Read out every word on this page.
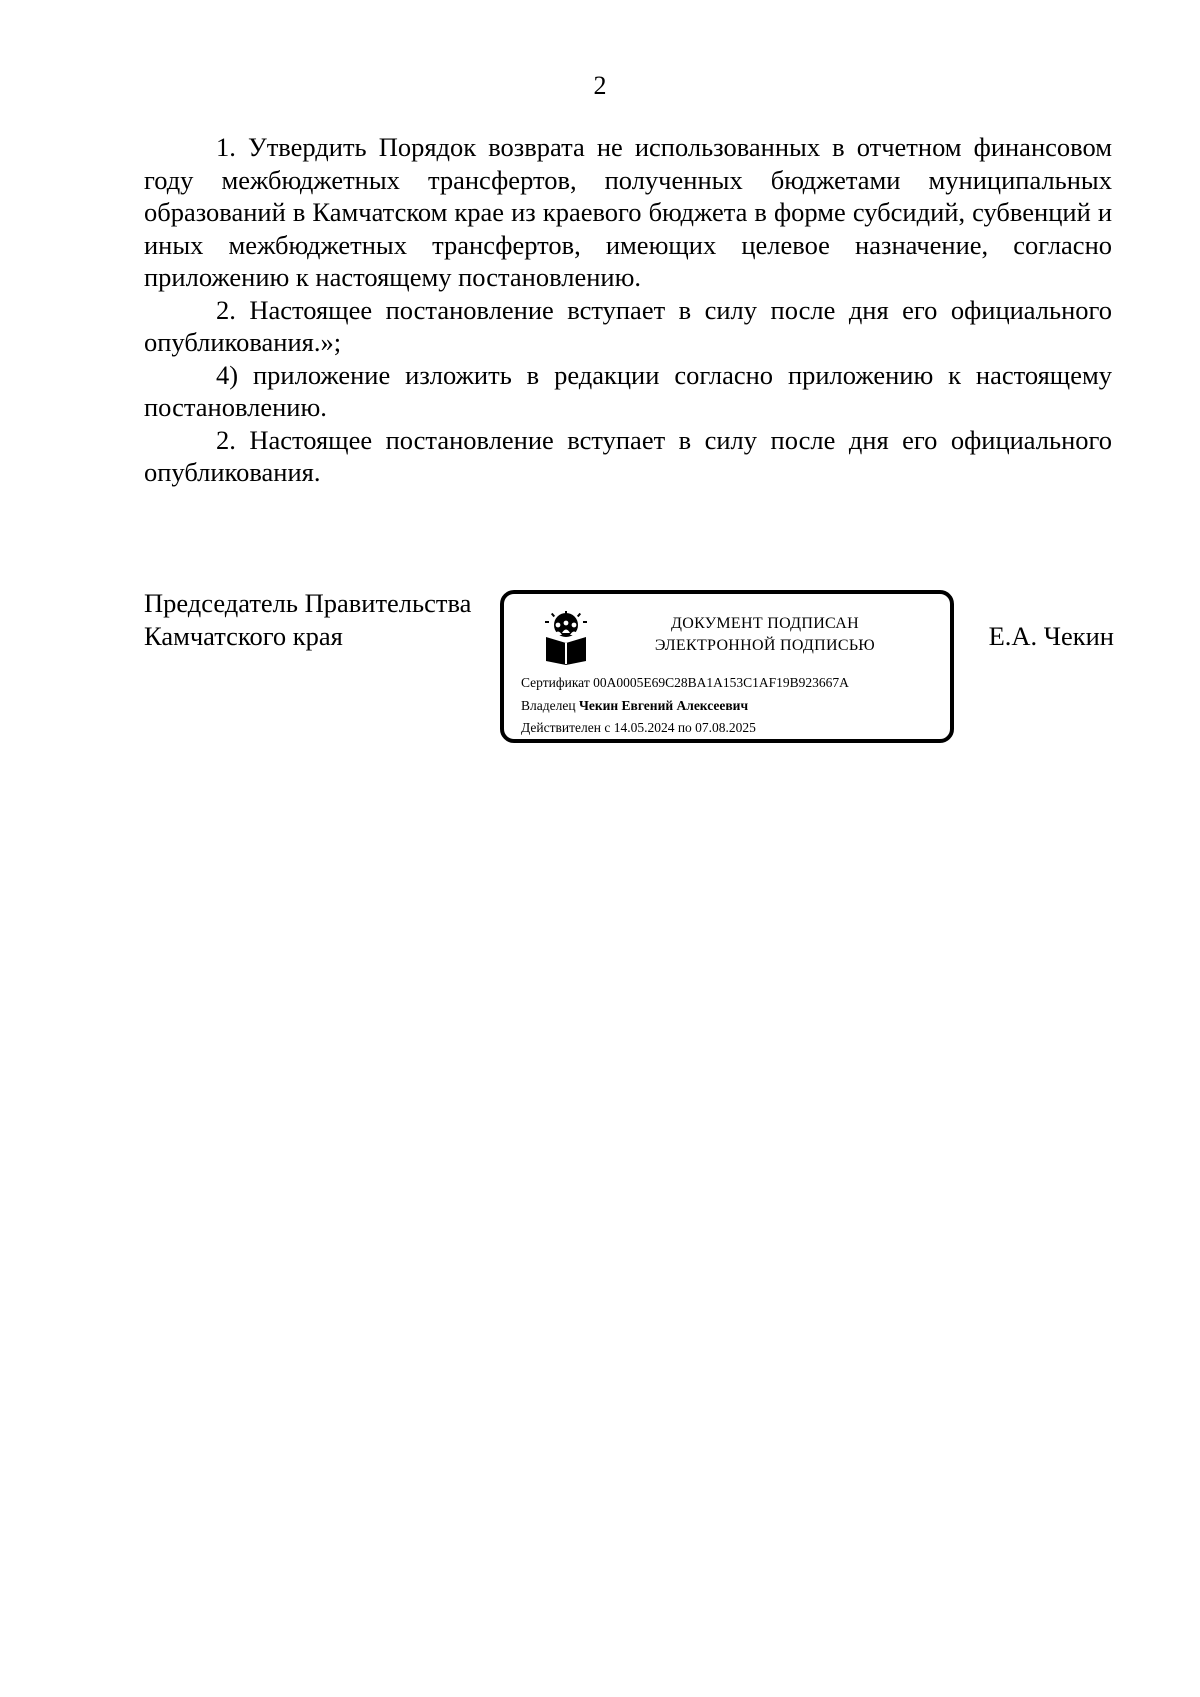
2

1. Утвердить Порядок возврата не использованных в отчетном финансовом году межбюджетных трансфертов, полученных бюджетами муниципальных образований в Камчатском крае из краевого бюджета в форме субсидий, субвенций и иных межбюджетных трансфертов, имеющих целевое назначение, согласно приложению к настоящему постановлению.

2. Настоящее постановление вступает в силу после дня его официального опубликования.»;

4) приложение изложить в редакции согласно приложению к настоящему постановлению.

2. Настоящее постановление вступает в силу после дня его официального опубликования.

Председатель Правительства
Камчатского края	ДОКУМЕНТ ПОДПИСАН
ЭЛЕКТРОННОЙ ПОДПИСЬЮ
Сертификат 00A0005E69C28BA1A153C1AF19B923667A
Владелец Чекин Евгений Алексеевич
Действителен с 14.05.2024 по 07.08.2025
Е.А. Чекин
